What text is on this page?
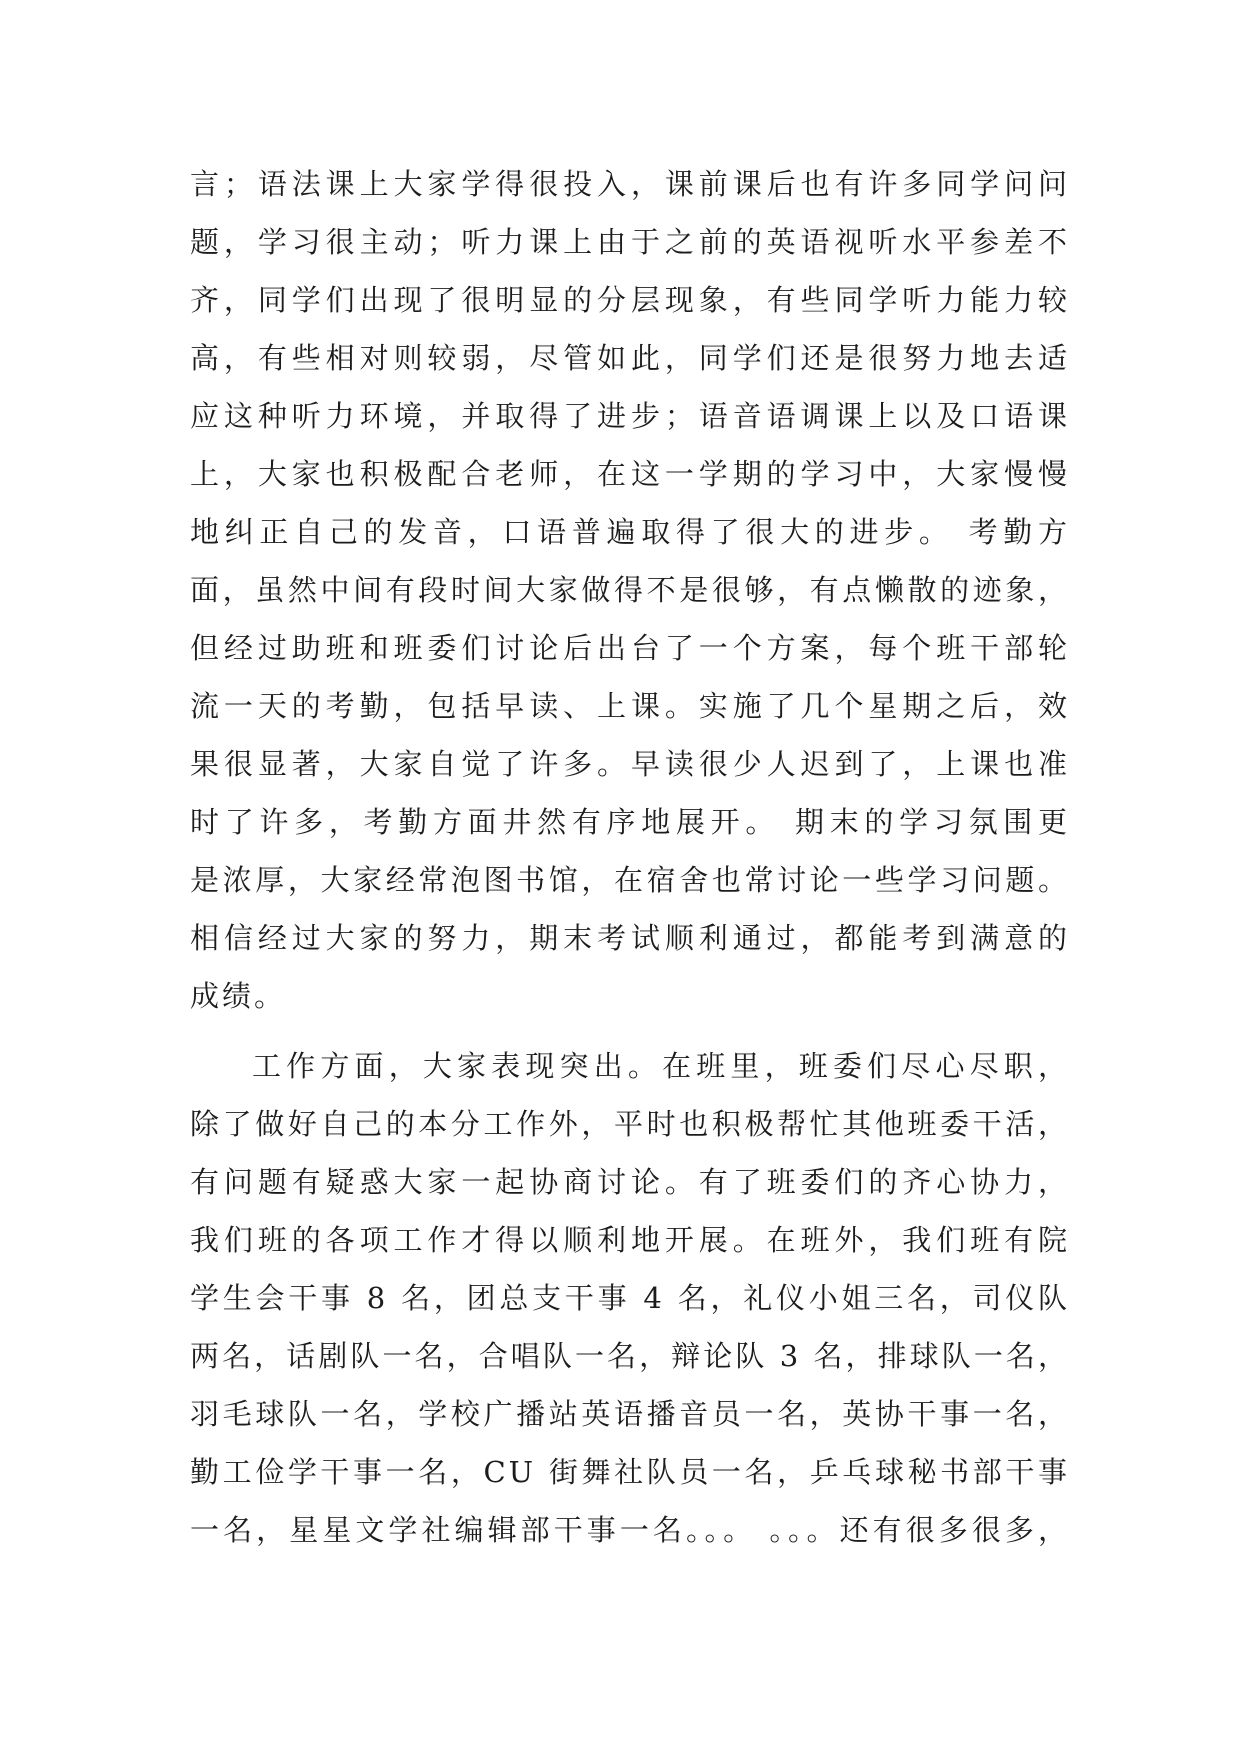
言；语法课上大家学得很投入，课前课后也有许多同学问问
题，学习很主动；听力课上由于之前的英语视听水平参差不
齐，同学们出现了很明显的分层现象，有些同学听力能力较
高，有些相对则较弱，尽管如此，同学们还是很努力地去适
应这种听力环境，并取得了进步；语音语调课上以及口语课
上，大家也积极配合老师，在这一学期的学习中，大家慢慢
地纠正自己的发音，口语普遍取得了很大的进步。 考勤方
面，虽然中间有段时间大家做得不是很够，有点懒散的迹象，
但经过助班和班委们讨论后出台了一个方案，每个班干部轮
流一天的考勤，包括早读、上课。实施了几个星期之后，效
果很显著，大家自觉了许多。早读很少人迟到了，上课也准
时了许多，考勤方面井然有序地展开。 期末的学习氛围更
是浓厚，大家经常泡图书馆，在宿舍也常讨论一些学习问题。
相信经过大家的努力，期末考试顺利通过，都能考到满意的
成绩。
工作方面，大家表现突出。在班里，班委们尽心尽职，
除了做好自己的本分工作外，平时也积极帮忙其他班委干活，
有问题有疑惑大家一起协商讨论。有了班委们的齐心协力，
我们班的各项工作才得以顺利地开展。在班外，我们班有院
学生会干事 8 名，团总支干事 4 名，礼仪小姐三名，司仪队
两名，话剧队一名，合唱队一名，辩论队 3 名，排球队一名，
羽毛球队一名，学校广播站英语播音员一名，英协干事一名，
勤工俭学干事一名，CU 街舞社队员一名，乒乓球秘书部干事
一名，星星文学社编辑部干事一名。。。 。。。还有很多很多，
